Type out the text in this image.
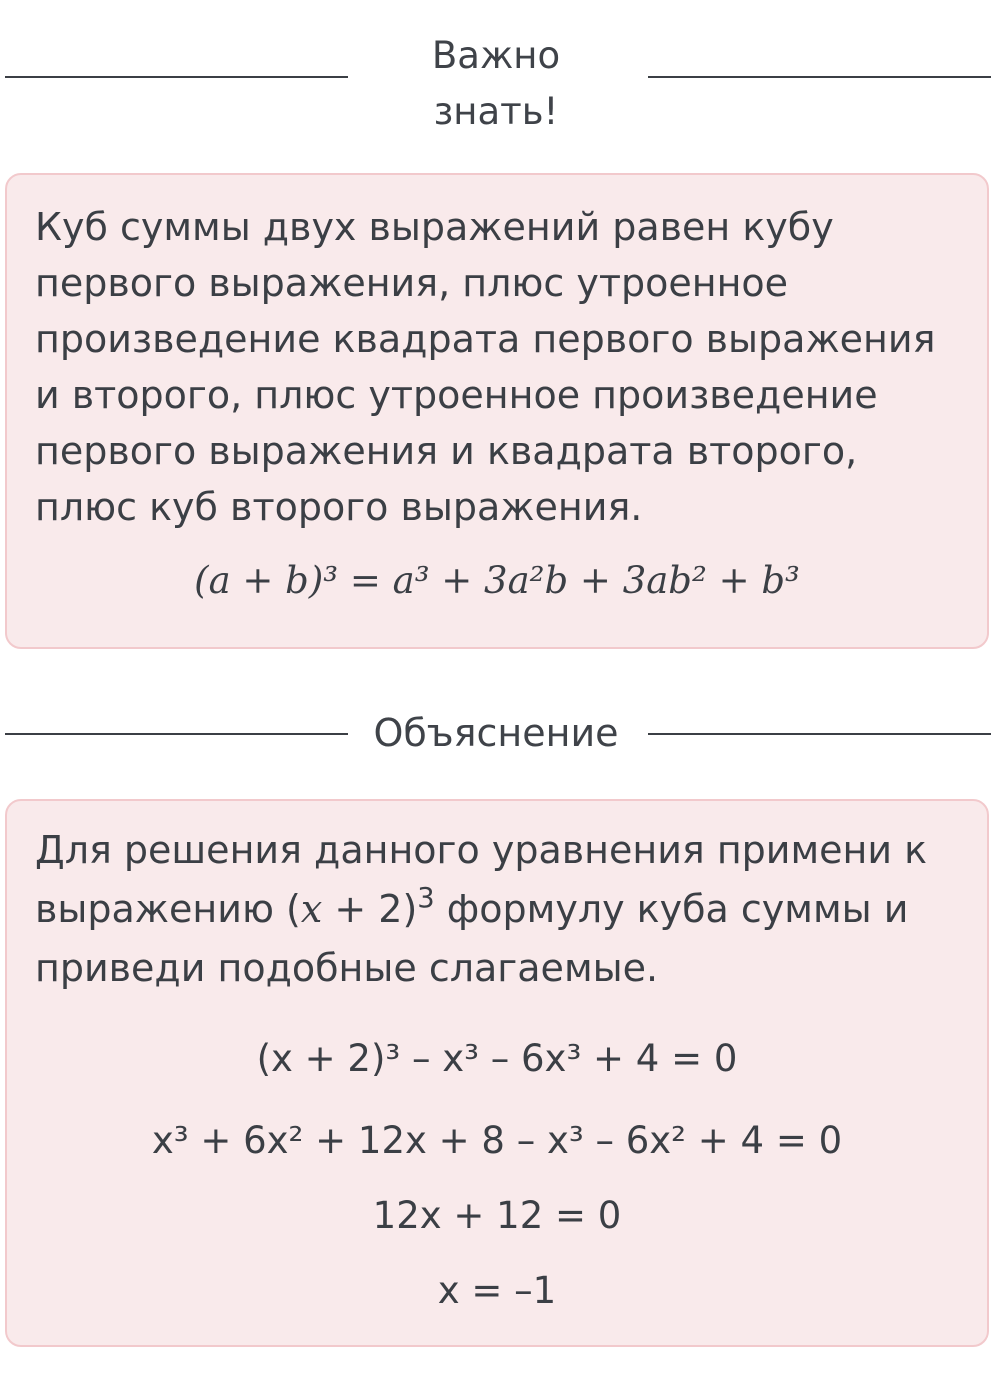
Важно
знать!
Куб суммы двух выражений равен кубу первого выражения, плюс утроенное произведение квадрата первого выражения и второго, плюс утроенное произведение первого выражения и квадрата второго, плюс куб второго выражения.
(a + b)³ = a³ + 3a²b + 3ab² + b³
Объяснение
Для решения данного уравнения примени к выражению $(x + 2)^3$ формулу куба суммы и приведи подобные слагаемые.
(x + 2)³ – x³ – 6x³ + 4 = 0
x³ + 6x² + 12x + 8 – x³ – 6x² + 4 = 0
12x + 12 = 0
x = –1
